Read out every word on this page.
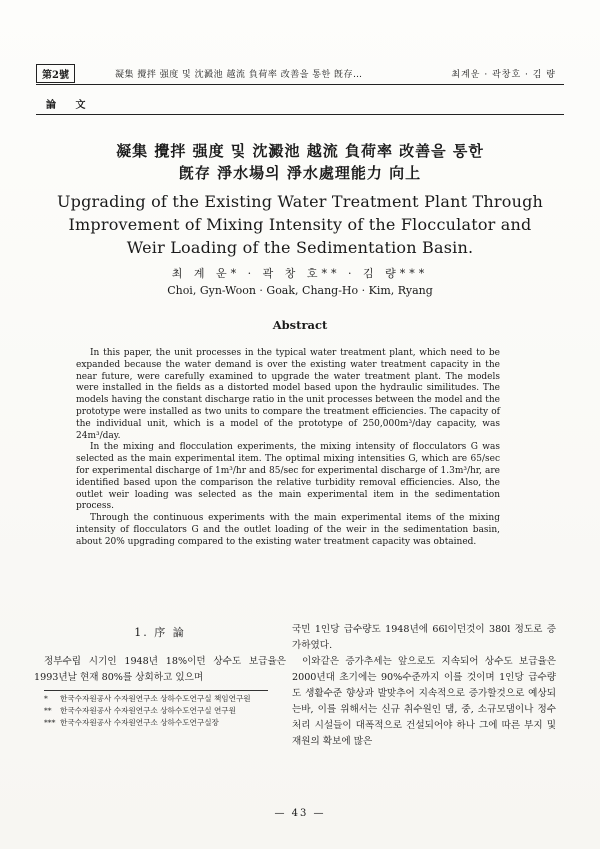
第2號	凝集 攪拌 强度 및 沈澱池 越流 負荷率 改善을 통한 旣存…	최계운 · 곽창호 · 김 량
論 文
凝集 攪拌 强度 및 沈澱池 越流 負荷率 改善을 통한
旣存 淨水場의 淨水處理能力 向上
Upgrading of the Existing Water Treatment Plant Through
Improvement of Mixing Intensity of the Flocculator and
Weir Loading of the Sedimentation Basin.
최 계 운* · 곽 창 호** · 김 량***
Choi, Gyn-Woon · Goak, Chang-Ho · Kim, Ryang
Abstract

In this paper, the unit processes in the typical water treatment plant, which need to be expanded because the water demand is over the existing water treatment capacity in the near future, were carefully examined to upgrade the water treatment plant. The models were installed in the fields as a distorted model based upon the hydraulic similitudes. The models having the constant discharge ratio in the unit processes between the model and the prototype were installed as two units to compare the treatment efficiencies. The capacity of the individual unit, which is a model of the prototype of 250,000m³/day capacity, was 24m³/day.

In the mixing and flocculation experiments, the mixing intensity of flocculators G was selected as the main experimental item. The optimal mixing intensities G, which are 65/sec for experimental discharge of 1m³/hr and 85/sec for experimental discharge of 1.3m³/hr, are identified based upon the comparison the relative turbidity removal efficiencies. Also, the outlet weir loading was selected as the main experimental item in the sedimentation process.

Through the continuous experiments with the main experimental items of the mixing intensity of flocculators G and the outlet loading of the weir in the sedimentation basin, about 20% upgrading compared to the existing water treatment capacity was obtained.

1. 序 論

정부수립 시기인 1948년 18%이던 상수도 보급율은 1993년날 현재 80%를 상회하고 있으며

*	한국수자원공사 수자원연구소 상하수도연구실 책임연구원
**	한국수자원공사 수자원연구소 상하수도연구실 연구원
*** 한국수자원공사 수자원연구소 상하수도연구실장

국민 1인당 급수량도 1948년에 66l이던것이 380l 정도로 증가하였다.

이와같은 증가추세는 앞으로도 지속되어 상수도 보급율은 2000년대 초기에는 90%수준까지 이를 것이며 1인당 급수량도 생활수준 향상과 발맞추어 지속적으로 증가할것으로 예상되는바, 이를 위해서는 신규 취수원인 댐, 중, 소규모댐이나 정수처리 시설들이 대폭적으로 건설되어야 하나 그에 따른 부지 및 재원의 확보에 많은

— 43 —
